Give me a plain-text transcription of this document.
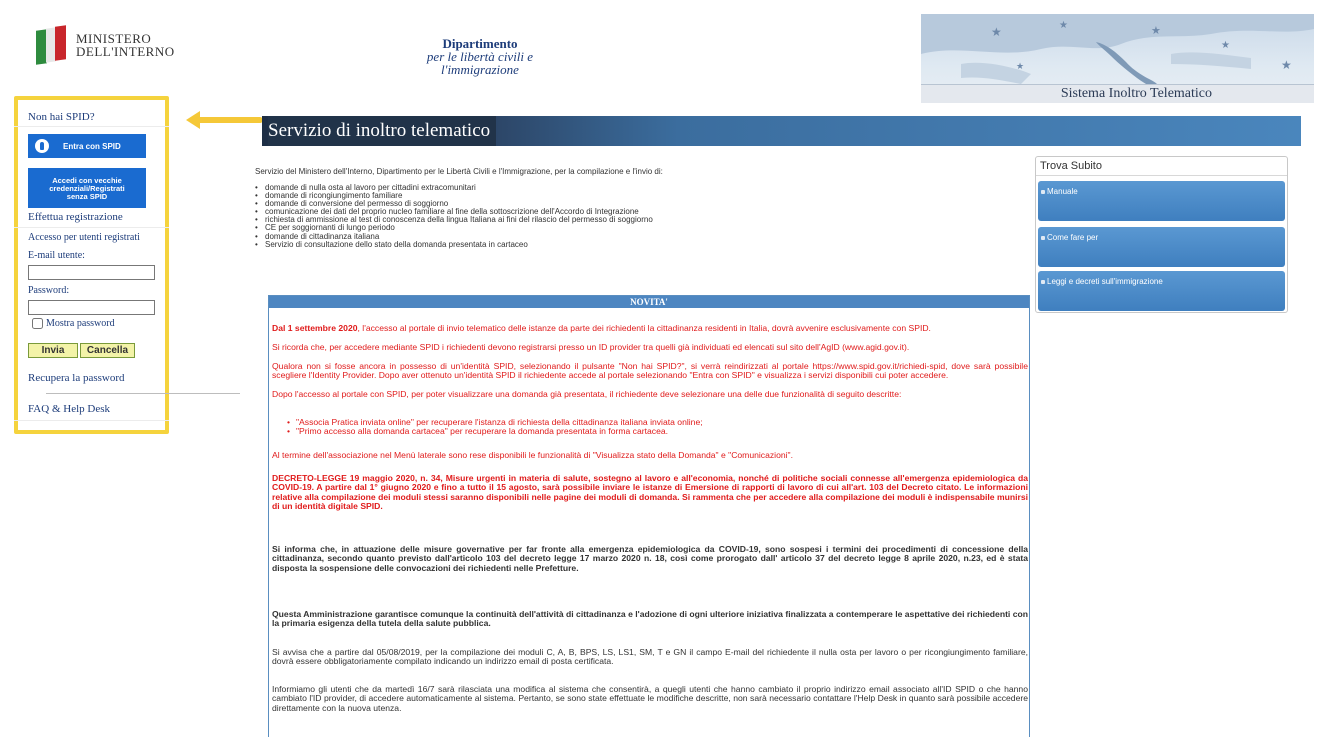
MINISTERO
DELL'INTERNO
Dipartimento
per le libertà civili e
l'immigrazione
★	★
★
★
★
★
Sistema Inoltro Telematico
Non hai SPID?
Entra con SPID
Accedi con vecchie
credenziali/Registrati
senza SPID
Effettua registrazione
Accesso per utenti registrati
E-mail utente:
Password:
Mostra password
Invia	Cancella
Recupera la password
FAQ & Help Desk
Servizio di inoltro telematico
Servizio del Ministero dell'Interno, Dipartimento per le Libertà Civili e l'Immigrazione, per la compilazione e l'invio di:
• domande di nulla osta al lavoro per cittadini extracomunitari
• domande di ricongiungimento familiare
• domande di conversione del permesso di soggiorno
• comunicazione dei dati del proprio nucleo familiare al fine della sottoscrizione dell'Accordo di Integrazione
• richiesta di ammissione al test di conoscenza della lingua Italiana ai fini del rilascio del permesso di soggiorno
• CE per soggiornanti di lungo periodo
• domande di cittadinanza italiana
• Servizio di consultazione dello stato della domanda presentata in cartaceo
NOVITA'

Dal 1 settembre 2020, l'accesso al portale di invio telematico delle istanze da parte dei richiedenti la cittadinanza residenti in Italia, dovrà avvenire esclusivamente con SPID.

Si ricorda che, per accedere mediante SPID i richiedenti devono registrarsi presso un ID provider tra quelli già individuati ed elencati sul sito dell'AgID (www.agid.gov.it).

Qualora non si fosse ancora in possesso di un'identità SPID, selezionando il pulsante "Non hai SPID?", si verrà reindirizzati al portale https://www.spid.gov.it/richiedi-spid, dove sarà possibile scegliere l'Identity Provider. Dopo aver ottenuto un'identità SPID il richiedente accede al portale selezionando "Entra con SPID" e visualizza i servizi disponibili cui poter accedere.

Dopo l'accesso al portale con SPID, per poter visualizzare una domanda già presentata, il richiedente deve selezionare una delle due funzionalità di seguito descritte:

• "Associa Pratica inviata online" per recuperare l'istanza di richiesta della cittadinanza italiana inviata online;
• "Primo accesso alla domanda cartacea" per recuperare la domanda presentata in forma cartacea.

Al termine dell'associazione nel Menù laterale sono rese disponibili le funzionalità di "Visualizza stato della Domanda" e "Comunicazioni".

DECRETO-LEGGE 19 maggio 2020, n. 34, Misure urgenti in materia di salute, sostegno al lavoro e all'economia, nonché di politiche sociali connesse all'emergenza epidemiologica da COVID-19. A partire dal 1° giugno 2020 e fino a tutto il 15 agosto, sarà possibile inviare le istanze di Emersione di rapporti di lavoro di cui all'art. 103 del Decreto citato. Le informazioni relative alla compilazione dei moduli stessi saranno disponibili nelle pagine dei moduli di domanda. Si rammenta che per accedere alla compilazione dei moduli è indispensabile munirsi di un identità digitale SPID.

Si informa che, in attuazione delle misure governative per far fronte alla emergenza epidemiologica da COVID-19, sono sospesi i termini dei procedimenti di concessione della cittadinanza, secondo quanto previsto dall'articolo 103 del decreto legge 17 marzo 2020 n. 18, così come prorogato dall' articolo 37 del decreto legge 8 aprile 2020, n.23, ed è stata disposta la sospensione delle convocazioni dei richiedenti nelle Prefetture.

Questa Amministrazione garantisce comunque la continuità dell'attività di cittadinanza e l'adozione di ogni ulteriore iniziativa finalizzata a contemperare le aspettative dei richiedenti con la primaria esigenza della tutela della salute pubblica.

Si avvisa che a partire dal 05/08/2019, per la compilazione dei moduli C, A, B, BPS, LS, LS1, SM, T e GN il campo E-mail del richiedente il nulla osta per lavoro o per ricongiungimento familiare, dovrà essere obbligatoriamente compilato indicando un indirizzo email di posta certificata.

Informiamo gli utenti che da martedì 16/7 sarà rilasciata una modifica al sistema che consentirà, a quegli utenti che hanno cambiato il proprio indirizzo email associato all'ID SPID o che hanno cambiato l'ID provider, di accedere automaticamente al sistema. Pertanto, se sono state effettuate le modifiche descritte, non sarà necessario contattare l'Help Desk in quanto sarà possibile accedere direttamente con la nuova utenza.

Trova Subito
Manuale
Come fare per
Leggi e decreti sull'immigrazione
